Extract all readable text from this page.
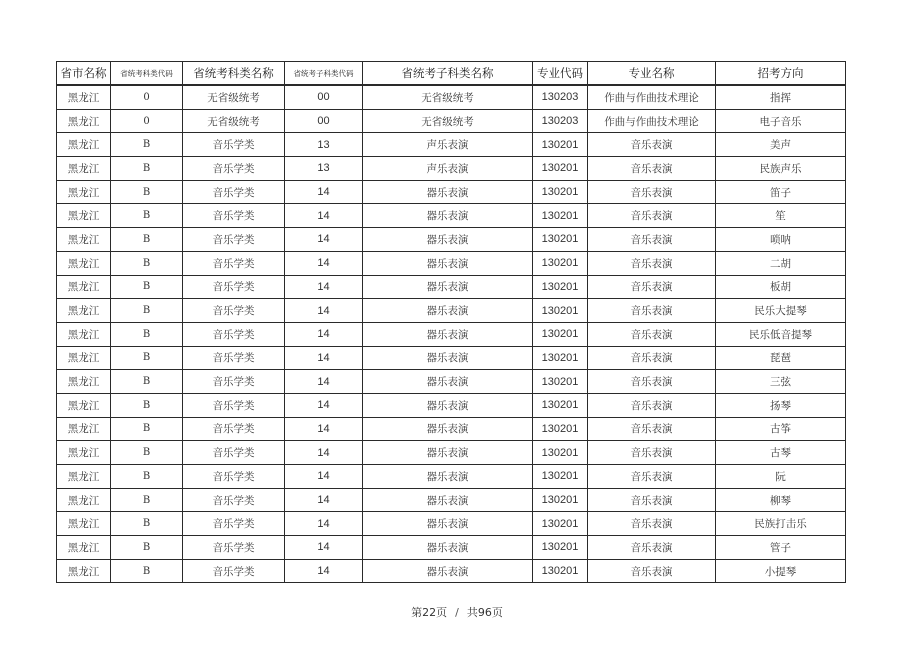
省市名称	省统考科类代码	省统考科类名称	省统考子科类代码	省统考子科类名称	专业代码	专业名称	招考方向
黑龙江	0	无省级统考	00	无省级统考	130203	作曲与作曲技术理论	指挥
黑龙江	0	无省级统考	00	无省级统考	130203	作曲与作曲技术理论	电子音乐
黑龙江	B	音乐学类	13	声乐表演	130201	音乐表演	美声
黑龙江	B	音乐学类	13	声乐表演	130201	音乐表演	民族声乐
黑龙江	B	音乐学类	14	器乐表演	130201	音乐表演	笛子
黑龙江	B	音乐学类	14	器乐表演	130201	音乐表演	笙
黑龙江	B	音乐学类	14	器乐表演	130201	音乐表演	唢呐
黑龙江	B	音乐学类	14	器乐表演	130201	音乐表演	二胡
黑龙江	B	音乐学类	14	器乐表演	130201	音乐表演	板胡
黑龙江	B	音乐学类	14	器乐表演	130201	音乐表演	民乐大提琴
黑龙江	B	音乐学类	14	器乐表演	130201	音乐表演	民乐低音提琴
黑龙江	B	音乐学类	14	器乐表演	130201	音乐表演	琵琶
黑龙江	B	音乐学类	14	器乐表演	130201	音乐表演	三弦
黑龙江	B	音乐学类	14	器乐表演	130201	音乐表演	扬琴
黑龙江	B	音乐学类	14	器乐表演	130201	音乐表演	古筝
黑龙江	B	音乐学类	14	器乐表演	130201	音乐表演	古琴
黑龙江	B	音乐学类	14	器乐表演	130201	音乐表演	阮
黑龙江	B	音乐学类	14	器乐表演	130201	音乐表演	柳琴
黑龙江	B	音乐学类	14	器乐表演	130201	音乐表演	民族打击乐
黑龙江	B	音乐学类	14	器乐表演	130201	音乐表演	管子
黑龙江	B	音乐学类	14	器乐表演	130201	音乐表演	小提琴
第22页 / 共96页
